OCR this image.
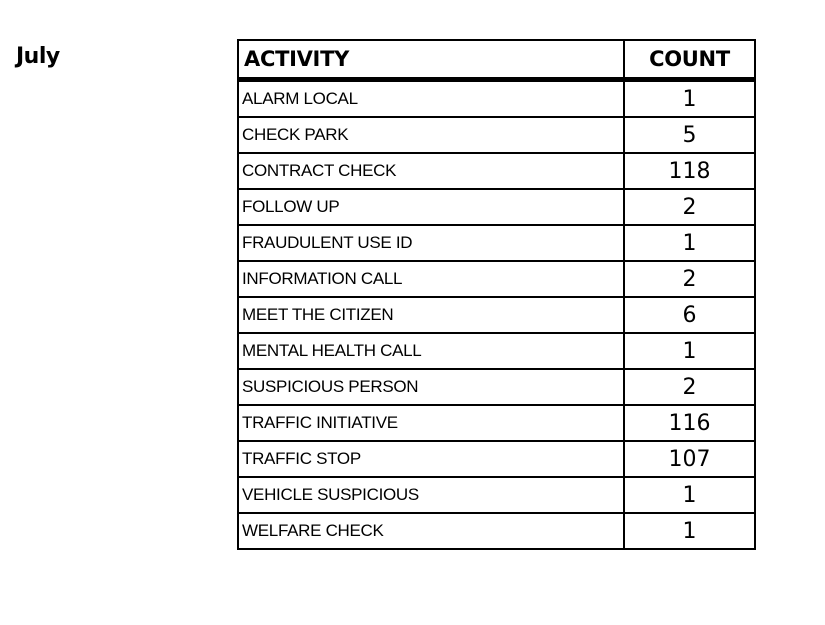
July	ACTIVITY	COUNT
ALARM LOCAL	1
CHECK PARK	5
CONTRACT CHECK	118
FOLLOW UP	2
FRAUDULENT USE ID	1
INFORMATION CALL	2
MEET THE CITIZEN	6
MENTAL HEALTH CALL	1
SUSPICIOUS PERSON	2
TRAFFIC INITIATIVE	116
TRAFFIC STOP	107
VEHICLE SUSPICIOUS	1
WELFARE CHECK	1
